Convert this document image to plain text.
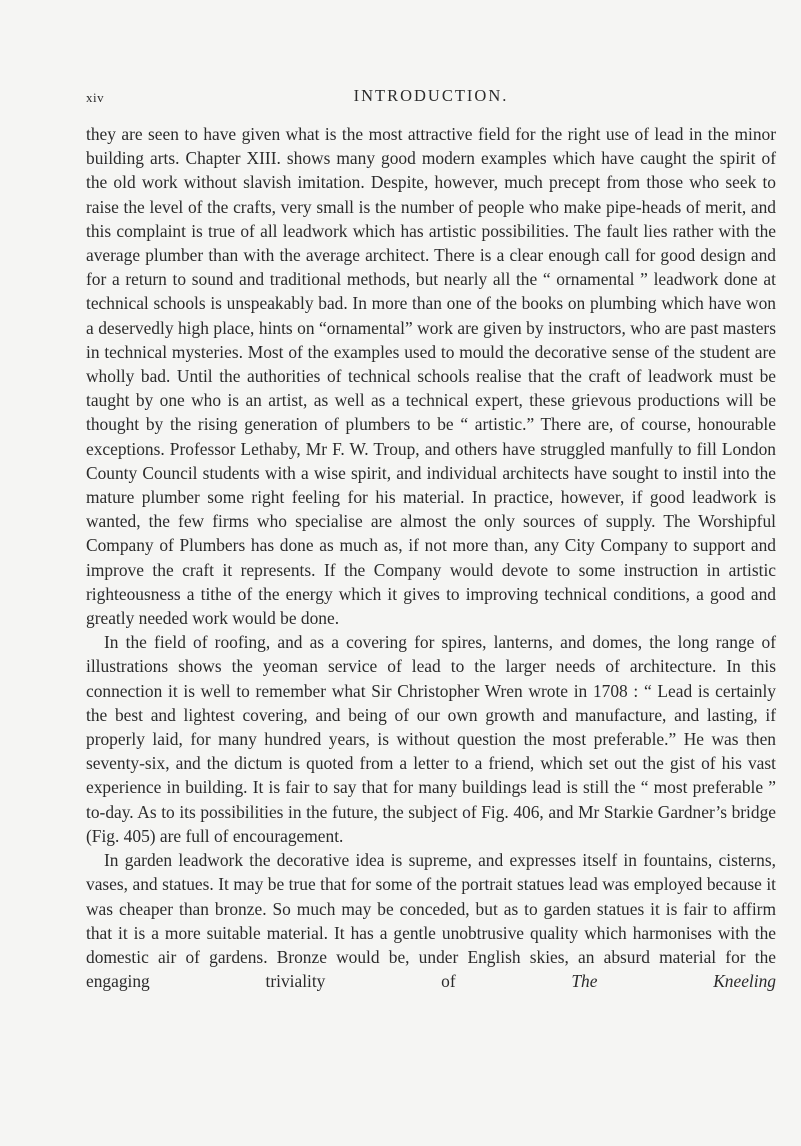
xiv	INTRODUCTION.

they are seen to have given what is the most attractive field for the right use of lead in the minor building arts. Chapter XIII. shows many good modern examples which have caught the spirit of the old work without slavish imitation. Despite, however, much precept from those who seek to raise the level of the crafts, very small is the number of people who make pipe-heads of merit, and this complaint is true of all leadwork which has artistic possibilities. The fault lies rather with the average plumber than with the average architect. There is a clear enough call for good design and for a return to sound and traditional methods, but nearly all the “ ornamental ” leadwork done at technical schools is unspeakably bad. In more than one of the books on plumbing which have won a deservedly high place, hints on “ornamental” work are given by instructors, who are past masters in technical mysteries. Most of the examples used to mould the decorative sense of the student are wholly bad. Until the authorities of technical schools realise that the craft of leadwork must be taught by one who is an artist, as well as a technical expert, these grievous productions will be thought by the rising generation of plumbers to be “ artistic.” There are, of course, honourable exceptions. Professor Lethaby, Mr F. W. Troup, and others have struggled manfully to fill London County Council students with a wise spirit, and individual architects have sought to instil into the mature plumber some right feeling for his material. In practice, however, if good leadwork is wanted, the few firms who specialise are almost the only sources of supply. The Worshipful Company of Plumbers has done as much as, if not more than, any City Company to support and improve the craft it represents. If the Company would devote to some instruction in artistic righteousness a tithe of the energy which it gives to improving technical conditions, a good and greatly needed work would be done.

In the field of roofing, and as a covering for spires, lanterns, and domes, the long range of illustrations shows the yeoman service of lead to the larger needs of architecture. In this connection it is well to remember what Sir Christopher Wren wrote in 1708 : “ Lead is certainly the best and lightest covering, and being of our own growth and manufacture, and lasting, if properly laid, for many hundred years, is without question the most preferable.” He was then seventy-six, and the dictum is quoted from a letter to a friend, which set out the gist of his vast experience in building. It is fair to say that for many buildings lead is still the “ most preferable ” to-day. As to its possibilities in the future, the subject of Fig. 406, and Mr Starkie Gardner’s bridge (Fig. 405) are full of encouragement.

In garden leadwork the decorative idea is supreme, and expresses itself in fountains, cisterns, vases, and statues. It may be true that for some of the portrait statues lead was employed because it was cheaper than bronze. So much may be conceded, but as to garden statues it is fair to affirm that it is a more suitable material. It has a gentle unobtrusive quality which harmonises with the domestic air of gardens. Bronze would be, under English skies, an absurd material for the engaging triviality of	The Kneeling
